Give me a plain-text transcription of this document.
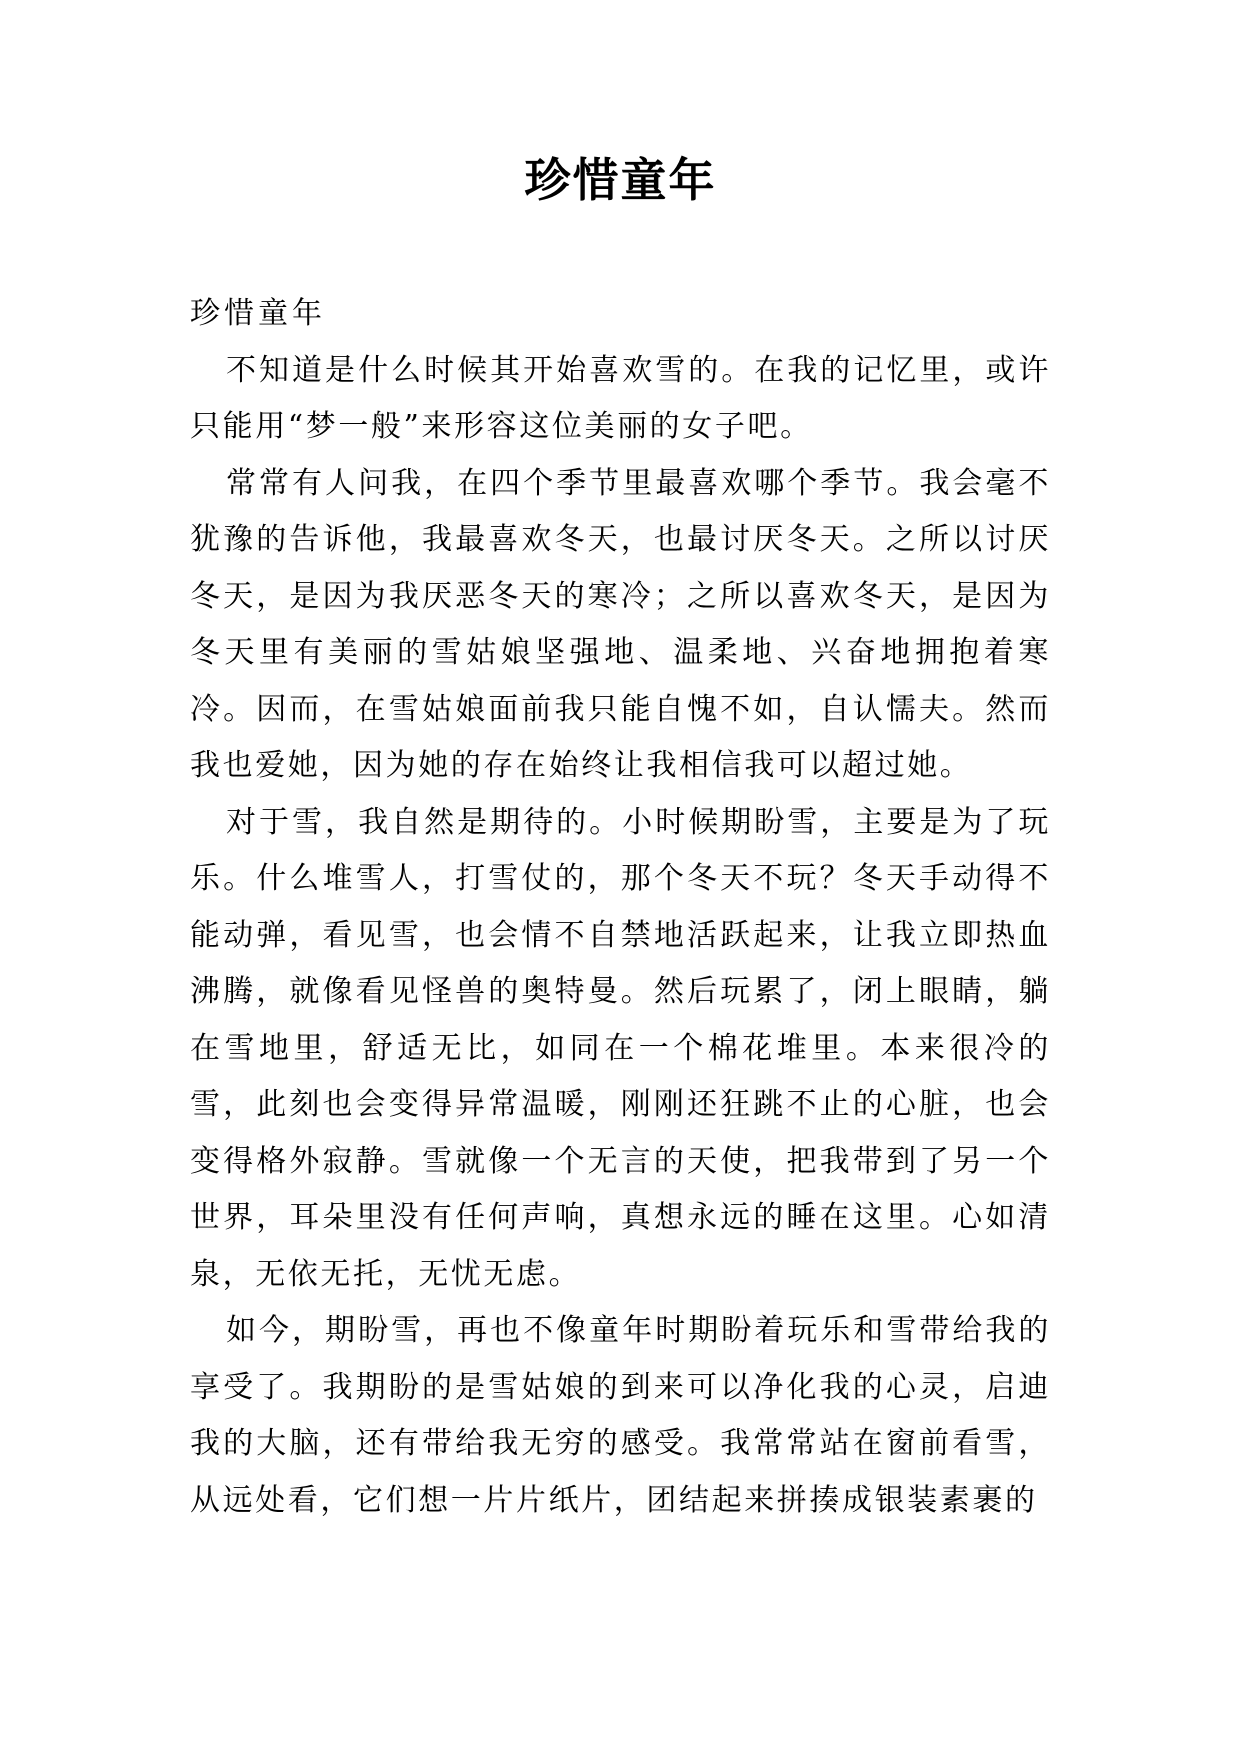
珍惜童年

珍惜童年

不知道是什么时候其开始喜欢雪的。在我的记忆里，或许只能用“梦一般”来形容这位美丽的女子吧。

常常有人问我，在四个季节里最喜欢哪个季节。我会毫不犹豫的告诉他，我最喜欢冬天，也最讨厌冬天。之所以讨厌冬天，是因为我厌恶冬天的寒冷；之所以喜欢冬天，是因为冬天里有美丽的雪姑娘坚强地、温柔地、兴奋地拥抱着寒冷。因而，在雪姑娘面前我只能自愧不如，自认懦夫。然而我也爱她，因为她的存在始终让我相信我可以超过她。

对于雪，我自然是期待的。小时候期盼雪，主要是为了玩乐。什么堆雪人，打雪仗的，那个冬天不玩？冬天手动得不能动弹，看见雪，也会情不自禁地活跃起来，让我立即热血沸腾，就像看见怪兽的奥特曼。然后玩累了，闭上眼睛，躺在雪地里，舒适无比，如同在一个棉花堆里。本来很冷的雪，此刻也会变得异常温暖，刚刚还狂跳不止的心脏，也会变得格外寂静。雪就像一个无言的天使，把我带到了另一个世界，耳朵里没有任何声响，真想永远的睡在这里。心如清泉，无依无托，无忧无虑。

如今，期盼雪，再也不像童年时期盼着玩乐和雪带给我的享受了。我期盼的是雪姑娘的到来可以净化我的心灵，启迪我的大脑，还有带给我无穷的感受。我常常站在窗前看雪，从远处看，它们想一片片纸片，团结起来拼揍成银装素裹的
